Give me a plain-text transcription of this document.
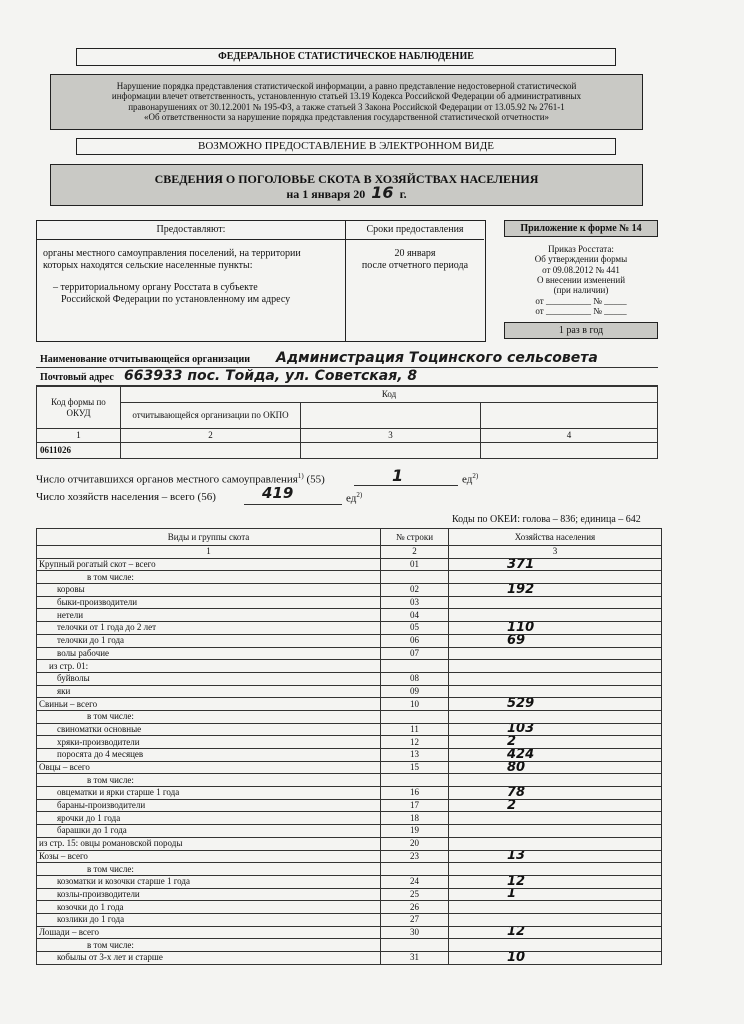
ФЕДЕРАЛЬНОЕ СТАТИСТИЧЕСКОЕ НАБЛЮДЕНИЕ
Нарушение порядка представления статистической информации, а равно представление недостоверной статистической
информации влечет ответственность, установленную статьей 13.19 Кодекса Российской Федерации об административных
правонарушениях от 30.12.2001 № 195-ФЗ, а также статьей 3 Закона Российской Федерации от 13.05.92 № 2761-1
«Об ответственности за нарушение порядка представления государственной статистической отчетности»
ВОЗМОЖНО ПРЕДОСТАВЛЕНИЕ В ЭЛЕКТРОННОМ ВИДЕ
СВЕДЕНИЯ О ПОГОЛОВЬЕ СКОТА В ХОЗЯЙСТВАХ НАСЕЛЕНИЯ
на 1 января 20 16 г.
Предоставляют:	Сроки предоставления
органы местного самоуправления поселений, на территории
которых находятся сельские населенные пункты:
– территориальному органу Росстата в субъекте
Российской Федерации по установленному им адресу
20 января
после отчетного периода
Приложение к форме № 14
Приказ Росстата:
Об утверждении формы
от 09.08.2012 № 441
О внесении изменений
(при наличии)
от __________ № _____
от __________ № _____
1 раз в год
Наименование отчитывающейся организации Администрация Тоцинского сельсовета
Почтовый адрес 663933 пос. Тойда, ул. Советская, 8
Код формы по ОКУД	Код		
	отчитывающейся организации по ОКПО		
1	2	3	4
0611026			
Число отчитавшихся органов местного самоуправления$^{1)}$ (55)	1	$ед^{2)}$
Число хозяйств населения – всего (56)	419	$ед^{2)}$
Коды по ОКЕИ: голова – 836; единица – 642
Виды и группы скота	№ строки	Хозяйства населения
1	2	3
Крупный рогатый скот – всего	01	371
в том числе:		
коровы	02	192
быки-производители	03	
нетели	04	
телочки от 1 года до 2 лет	05	110
телочки до 1 года	06	69
волы рабочие	07	
из стр. 01:		
буйволы	08	
яки	09	
Свиньи – всего	10	529
в том числе:		
свиноматки основные	11	103
хряки-производители	12	2
поросята до 4 месяцев	13	424
Овцы – всего	15	80
в том числе:		
овцематки и ярки старше 1 года	16	78
бараны-производители	17	2
ярочки до 1 года	18	
барашки до 1 года	19	
из стр. 15: овцы романовской породы	20	
Козы – всего	23	13
в том числе:		
козоматки и козочки старше 1 года	24	12
козлы-производители	25	1
козочки до 1 года	26	
козлики до 1 года	27	
Лошади – всего	30	12
в том числе:		
кобылы от 3-х лет и старше	31	10
